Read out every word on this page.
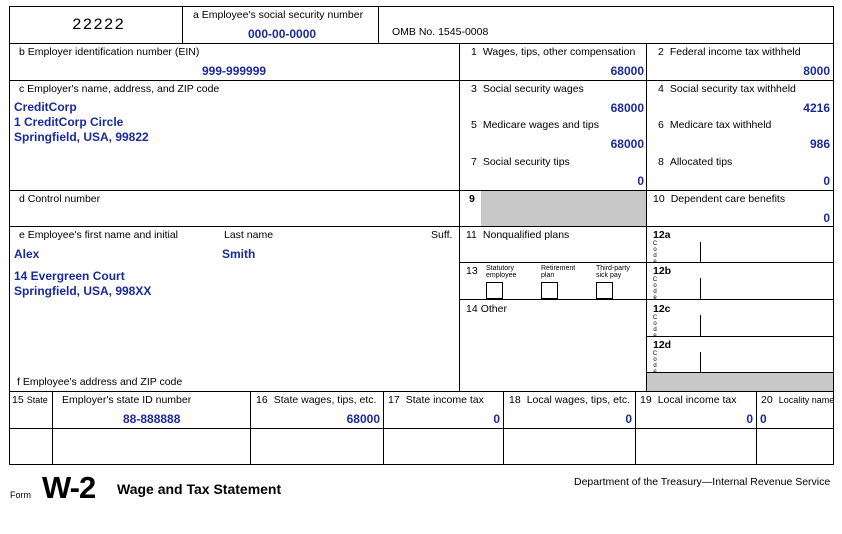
22222
a Employee's social security number
000-00-0000	OMB No. 1545-0008
b Employer identification number (EIN)
999-999999
c Employer's name, address, and ZIP code
CreditCorp
1 CreditCorp Circle
Springfield, USA, 99822
d Control number
e Employee's first name and initial	Last name	Suff.
Alex	Smith
14 Evergreen Court
Springfield, USA, 998XX
f Employee's address and ZIP code
1 Wages, tips, other compensation
68000
3 Social security wages
68000
5 Medicare wages and tips
68000
7 Social security tips
0
9
11 Nonqualified plans
13 Statutory
employee
Retirement
plan
Third-party
sick pay
14 Other
2 Federal income tax withheld
8000
4 Social security tax withheld
4216
6 Medicare tax withheld
986
8 Allocated tips
0
10 Dependent care benefits
0
12a
C
o
d
e
12b
C
o
d
e
12c
C
o
d
e
12d
C
o
d
e
15 State Employer's state ID number
88-888888
16 State wages, tips, etc.
68000
17 State income tax
0
18 Local wages, tips, etc.
0
19 Local income tax
0
20 Locality name
0
Form W-2 Wage and Tax Statement	Department of the Treasury—Internal Revenue Service
